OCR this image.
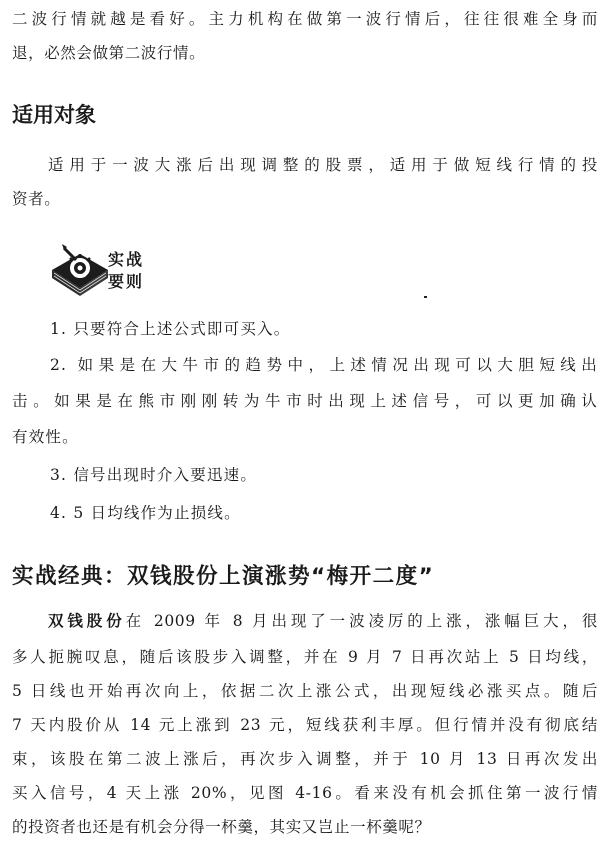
二波行情就越是看好。主力机构在做第一波行情后，往往很难全身而
退，必然会做第二波行情。
适用对象
适用于一波大涨后出现调整的股票，适用于做短线行情的投
资者。
实战
要则
1. 只要符合上述公式即可买入。
2. 如果是在大牛市的趋势中，上述情况出现可以大胆短线出
击。如果是在熊市刚刚转为牛市时出现上述信号，可以更加确认
有效性。
3. 信号出现时介入要迅速。
4. 5 日均线作为止损线。
实战经典：双钱股份上演涨势“梅开二度”
双钱股份在 2009 年 8 月出现了一波凌厉的上涨，涨幅巨大，很
多人扼腕叹息，随后该股步入调整，并在 9 月 7 日再次站上 5 日均线，
5 日线也开始再次向上，依据二次上涨公式，出现短线必涨买点。随后
7 天内股价从 14 元上涨到 23 元，短线获利丰厚。但行情并没有彻底结
束，该股在第二波上涨后，再次步入调整，并于 10 月 13 日再次发出
买入信号，4 天上涨 20%，见图 4-16。看来没有机会抓住第一波行情
的投资者也还是有机会分得一杯羹，其实又岂止一杯羹呢？
